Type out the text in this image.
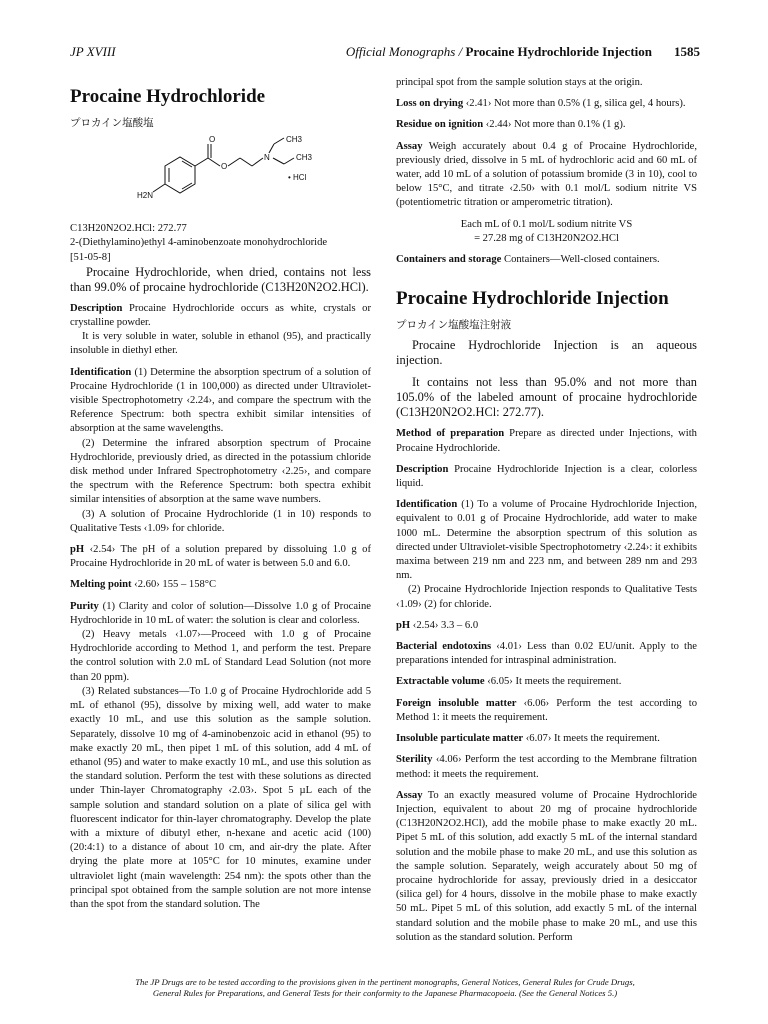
JP XVIII	Official Monographs / Procaine Hydrochloride Injection 1585
Procaine Hydrochloride
プロカイン塩酸塩
O
O
N
CH3
CH3
H2N
• HCl

C13H20N2O2.HCl: 272.77

2-(Diethylamino)ethyl 4-aminobenzoate monohydrochloride

[51-05-8]

Procaine Hydrochloride, when dried, contains not less than 99.0% of procaine hydrochloride (C13H20N2O2.HCl).

Description Procaine Hydrochloride occurs as white, crystals or crystalline powder.

It is very soluble in water, soluble in ethanol (95), and practically insoluble in diethyl ether.

Identification (1) Determine the absorption spectrum of a solution of Procaine Hydrochloride (1 in 100,000) as directed under Ultraviolet-visible Spectrophotometry ‹2.24›, and compare the spectrum with the Reference Spectrum: both spectra exhibit similar intensities of absorption at the same wavelengths.

(2) Determine the infrared absorption spectrum of Procaine Hydrochloride, previously dried, as directed in the potassium chloride disk method under Infrared Spectrophotometry ‹2.25›, and compare the spectrum with the Reference Spectrum: both spectra exhibit similar intensities of absorption at the same wave numbers.

(3) A solution of Procaine Hydrochloride (1 in 10) responds to Qualitative Tests ‹1.09› for chloride.

pH ‹2.54› The pH of a solution prepared by dissoluing 1.0 g of Procaine Hydrochloride in 20 mL of water is between 5.0 and 6.0.

Melting point ‹2.60› 155 – 158°C

Purity (1) Clarity and color of solution—Dissolve 1.0 g of Procaine Hydrochloride in 10 mL of water: the solution is clear and colorless.

(2) Heavy metals ‹1.07›—Proceed with 1.0 g of Procaine Hydrochloride according to Method 1, and perform the test. Prepare the control solution with 2.0 mL of Standard Lead Solution (not more than 20 ppm).

(3) Related substances—To 1.0 g of Procaine Hydrochloride add 5 mL of ethanol (95), dissolve by mixing well, add water to make exactly 10 mL, and use this solution as the sample solution. Separately, dissolve 10 mg of 4-aminobenzoic acid in ethanol (95) to make exactly 20 mL, then pipet 1 mL of this solution, add 4 mL of ethanol (95) and water to make exactly 10 mL, and use this solution as the standard solution. Perform the test with these solutions as directed under Thin-layer Chromatography ‹2.03›. Spot 5 µL each of the sample solution and standard solution on a plate of silica gel with fluorescent indicator for thin-layer chromatography. Develop the plate with a mixture of dibutyl ether, n-hexane and acetic acid (100) (20:4:1) to a distance of about 10 cm, and air-dry the plate. After drying the plate more at 105°C for 10 minutes, examine under ultraviolet light (main wavelength: 254 nm): the spots other than the principal spot obtained from the sample solution are not more intense than the spot from the standard solution. The

principal spot from the sample solution stays at the origin.

Loss on drying ‹2.41› Not more than 0.5% (1 g, silica gel, 4 hours).

Residue on ignition ‹2.44› Not more than 0.1% (1 g).

Assay Weigh accurately about 0.4 g of Procaine Hydrochloride, previously dried, dissolve in 5 mL of hydrochloric acid and 60 mL of water, add 10 mL of a solution of potassium bromide (3 in 10), cool to below 15°C, and titrate ‹2.50› with 0.1 mol/L sodium nitrite VS (potentiometric titration or amperometric titration).

Each mL of 0.1 mol/L sodium nitrite VS

= 27.28 mg of C13H20N2O2.HCl

Containers and storage Containers—Well-closed containers.

Procaine Hydrochloride Injection
プロカイン塩酸塩注射液

Procaine Hydrochloride Injection is an aqueous injection.

It contains not less than 95.0% and not more than 105.0% of the labeled amount of procaine hydrochloride (C13H20N2O2.HCl: 272.77).

Method of preparation Prepare as directed under Injections, with Procaine Hydrochloride.

Description Procaine Hydrochloride Injection is a clear, colorless liquid.

Identification (1) To a volume of Procaine Hydrochloride Injection, equivalent to 0.01 g of Procaine Hydrochloride, add water to make 1000 mL. Determine the absorption spectrum of this solution as directed under Ultraviolet-visible Spectrophotometry ‹2.24›: it exhibits maxima between 219 nm and 223 nm, and between 289 nm and 293 nm.

(2) Procaine Hydrochloride Injection responds to Qualitative Tests ‹1.09› (2) for chloride.

pH ‹2.54› 3.3 – 6.0

Bacterial endotoxins ‹4.01› Less than 0.02 EU/unit. Apply to the preparations intended for intraspinal administration.

Extractable volume ‹6.05› It meets the requirement.

Foreign insoluble matter ‹6.06› Perform the test according to Method 1: it meets the requirement.

Insoluble particulate matter ‹6.07› It meets the requirement.

Sterility ‹4.06› Perform the test according to the Membrane filtration method: it meets the requirement.

Assay To an exactly measured volume of Procaine Hydrochloride Injection, equivalent to about 20 mg of procaine hydrochloride (C13H20N2O2.HCl), add the mobile phase to make exactly 20 mL. Pipet 5 mL of this solution, add exactly 5 mL of the internal standard solution and the mobile phase to make 20 mL, and use this solution as the sample solution. Separately, weigh accurately about 50 mg of procaine hydrochloride for assay, previously dried in a desiccator (silica gel) for 4 hours, dissolve in the mobile phase to make exactly 50 mL. Pipet 5 mL of this solution, add exactly 5 mL of the internal standard solution and the mobile phase to make 20 mL, and use this solution as the standard solution. Perform

The JP Drugs are to be tested according to the provisions given in the pertinent monographs, General Notices, General Rules for Crude Drugs,
General Rules for Preparations, and General Tests for their conformity to the Japanese Pharmacopoeia. (See the General Notices 5.)
